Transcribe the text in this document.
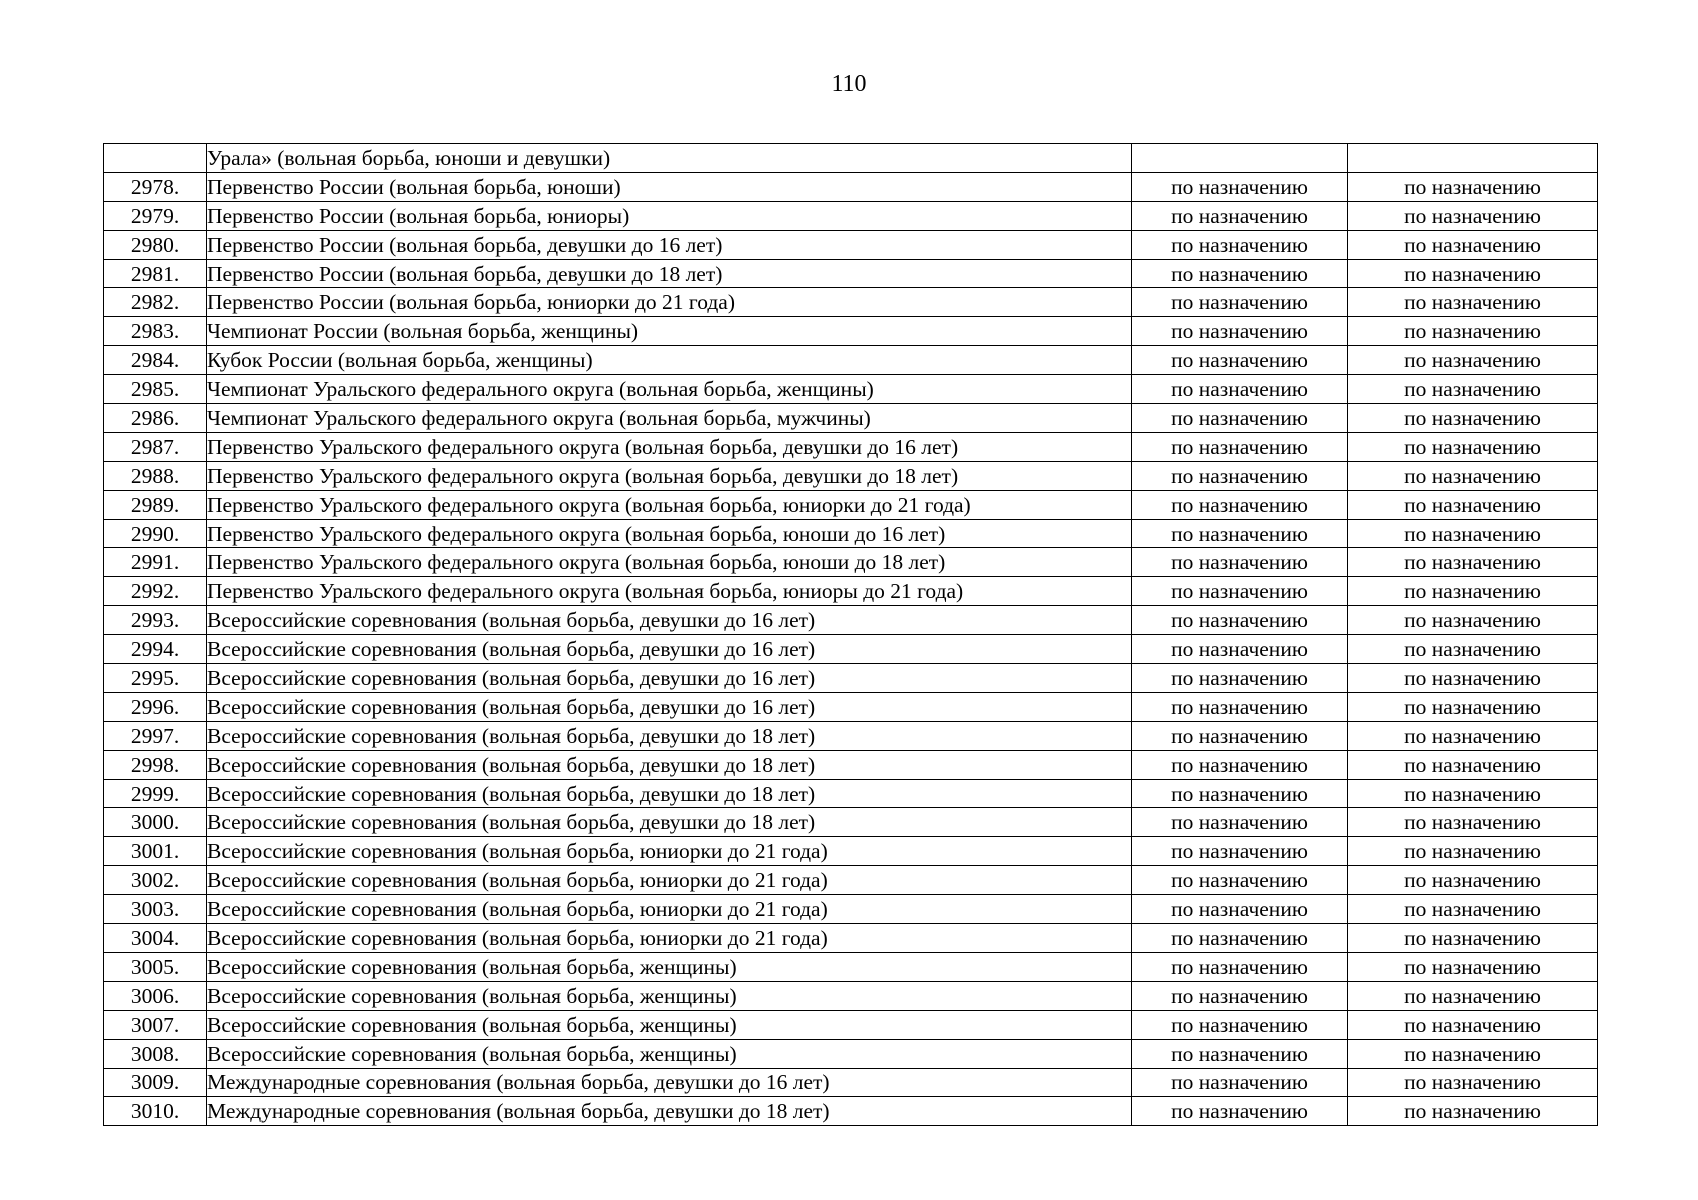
110
	Урала» (вольная борьба, юноши и девушки)		
2978.	Первенство России (вольная борьба, юноши)	по назначению	по назначению
2979.	Первенство России (вольная борьба, юниоры)	по назначению	по назначению
2980.	Первенство России (вольная борьба, девушки до 16 лет)	по назначению	по назначению
2981.	Первенство России (вольная борьба, девушки до 18 лет)	по назначению	по назначению
2982.	Первенство России (вольная борьба, юниорки до 21 года)	по назначению	по назначению
2983.	Чемпионат России (вольная борьба, женщины)	по назначению	по назначению
2984.	Кубок России (вольная борьба, женщины)	по назначению	по назначению
2985.	Чемпионат Уральского федерального округа (вольная борьба, женщины)	по назначению	по назначению
2986.	Чемпионат Уральского федерального округа (вольная борьба, мужчины)	по назначению	по назначению
2987.	Первенство Уральского федерального округа (вольная борьба, девушки до 16 лет)	по назначению	по назначению
2988.	Первенство Уральского федерального округа (вольная борьба, девушки до 18 лет)	по назначению	по назначению
2989.	Первенство Уральского федерального округа (вольная борьба, юниорки до 21 года)	по назначению	по назначению
2990.	Первенство Уральского федерального округа (вольная борьба, юноши до 16 лет)	по назначению	по назначению
2991.	Первенство Уральского федерального округа (вольная борьба, юноши до 18 лет)	по назначению	по назначению
2992.	Первенство Уральского федерального округа (вольная борьба, юниоры до 21 года)	по назначению	по назначению
2993.	Всероссийские соревнования (вольная борьба, девушки до 16 лет)	по назначению	по назначению
2994.	Всероссийские соревнования (вольная борьба, девушки до 16 лет)	по назначению	по назначению
2995.	Всероссийские соревнования (вольная борьба, девушки до 16 лет)	по назначению	по назначению
2996.	Всероссийские соревнования (вольная борьба, девушки до 16 лет)	по назначению	по назначению
2997.	Всероссийские соревнования (вольная борьба, девушки до 18 лет)	по назначению	по назначению
2998.	Всероссийские соревнования (вольная борьба, девушки до 18 лет)	по назначению	по назначению
2999.	Всероссийские соревнования (вольная борьба, девушки до 18 лет)	по назначению	по назначению
3000.	Всероссийские соревнования (вольная борьба, девушки до 18 лет)	по назначению	по назначению
3001.	Всероссийские соревнования (вольная борьба, юниорки до 21 года)	по назначению	по назначению
3002.	Всероссийские соревнования (вольная борьба, юниорки до 21 года)	по назначению	по назначению
3003.	Всероссийские соревнования (вольная борьба, юниорки до 21 года)	по назначению	по назначению
3004.	Всероссийские соревнования (вольная борьба, юниорки до 21 года)	по назначению	по назначению
3005.	Всероссийские соревнования (вольная борьба, женщины)	по назначению	по назначению
3006.	Всероссийские соревнования (вольная борьба, женщины)	по назначению	по назначению
3007.	Всероссийские соревнования (вольная борьба, женщины)	по назначению	по назначению
3008.	Всероссийские соревнования (вольная борьба, женщины)	по назначению	по назначению
3009.	Международные соревнования (вольная борьба, девушки до 16 лет)	по назначению	по назначению
3010.	Международные соревнования (вольная борьба, девушки до 18 лет)	по назначению	по назначению
